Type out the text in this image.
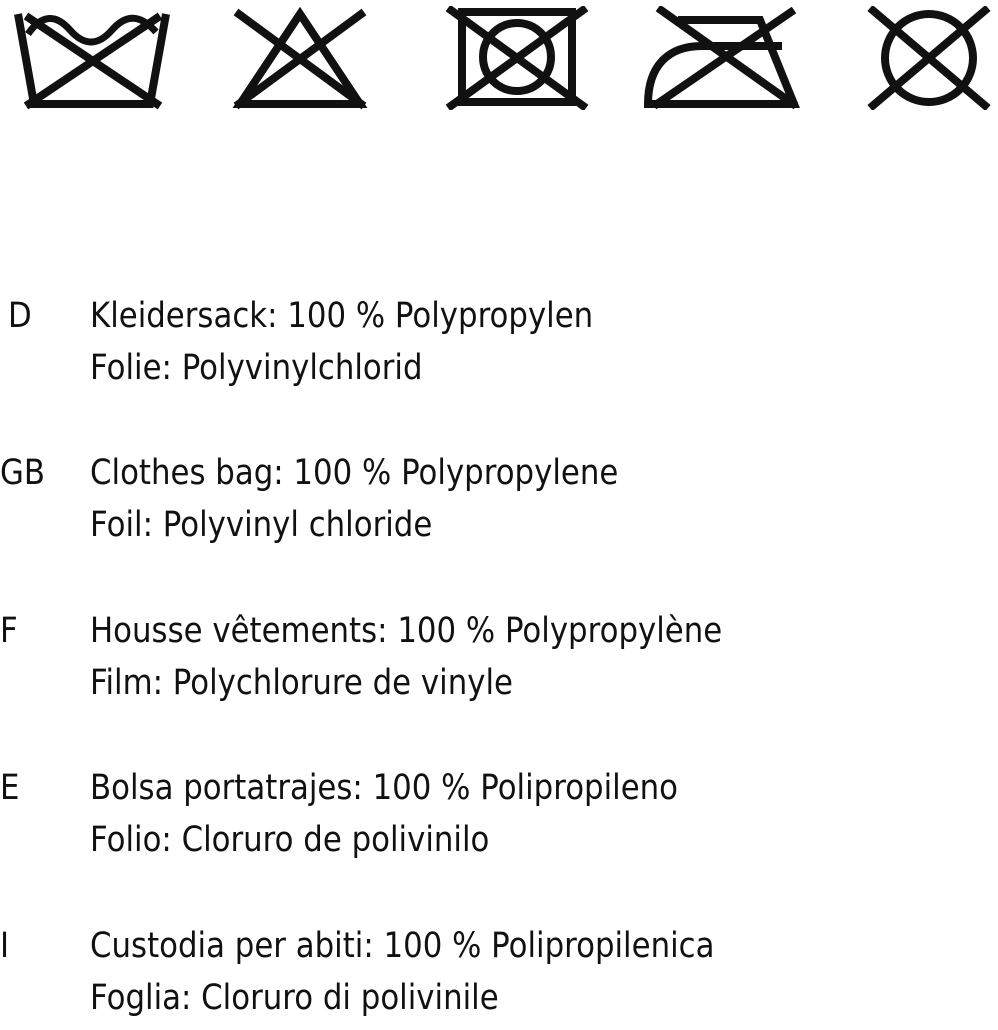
D	Kleidersack: 100 % Polypropylen
Folie: Polyvinylchlorid
GB Clothes bag: 100 % Polypropylene
Foil: Polyvinyl chloride
F	Housse vêtements: 100 % Polypropylène
Film: Polychlorure de vinyle
E	Bolsa portatrajes: 100 % Polipropileno
Folio: Cloruro de polivinilo
I	Custodia per abiti: 100 % Polipropilenica
Foglia: Cloruro di polivinile
